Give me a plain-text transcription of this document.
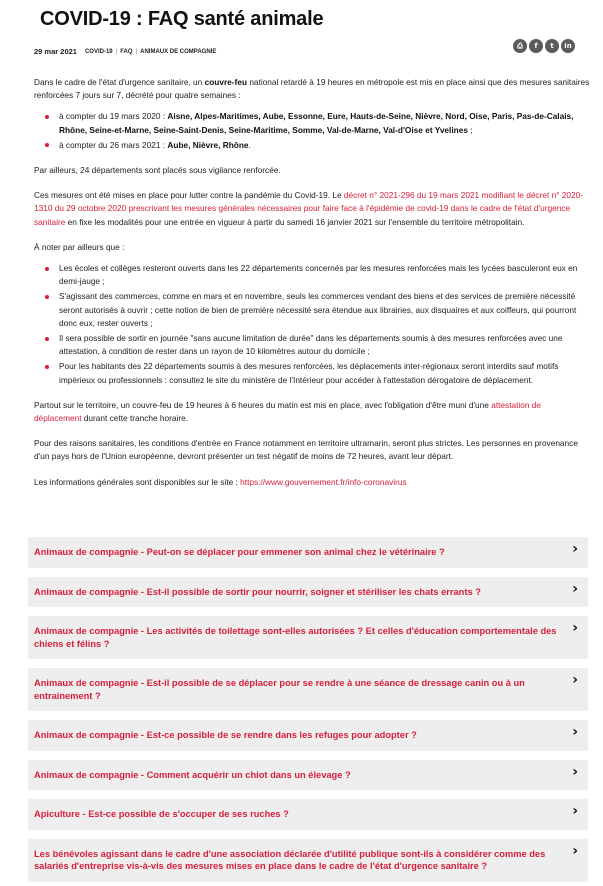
COVID-19 : FAQ santé animale
29 mar 2021 COVID-19 | FAQ | ANIMAUX DE COMPAGNIE
⎙	f	t	in

Dans le cadre de l'état d'urgence sanitaire, un couvre-feu national retardé à 19 heures en métropole est mis en place ainsi que des mesures sanitaires renforcées 7 jours sur 7, décrété pour quatre semaines :

à compter du 19 mars 2020 : Aisne, Alpes-Maritimes, Aube, Essonne, Eure, Hauts-de-Seine, Nièvre, Nord, Oise, Paris, Pas-de-Calais, Rhône, Seine-et-Marne, Seine-Saint-Denis, Seine-Maritime, Somme, Val-de-Marne, Val-d'Oise et Yvelines ;
à compter du 26 mars 2021 : Aube, Nièvre, Rhône.

Par ailleurs, 24 départements sont placés sous vigilance renforcée.

Ces mesures ont été mises en place pour lutter contre la pandémie du Covid-19. Le décret n° 2021-296 du 19 mars 2021 modifiant le décret n° 2020-1310 du 29 octobre 2020 prescrivant les mesures générales nécessaires pour faire face à l'épidémie de covid-19 dans le cadre de l'état d'urgence sanitaire en fixe les modalités pour une entrée en vigueur à partir du samedi 16 janvier 2021 sur l'ensemble du territoire métropolitain.

À noter par ailleurs que :

Les écoles et collèges resteront ouverts dans les 22 départements concernés par les mesures renforcées mais les lycées basculeront eux en demi-jauge ;
S'agissant des commerces, comme en mars et en novembre, seuls les commerces vendant des biens et des services de première nécessité seront autorisés à ouvrir ; cette notion de bien de première nécessité sera étendue aux librairies, aux disquaires et aux coiffeurs, qui pourront donc eux, rester ouverts ;
Il sera possible de sortir en journée "sans aucune limitation de durée" dans les départements soumis à des mesures renforcées avec une attestation, à condition de rester dans un rayon de 10 kilomètres autour du domicile ;
Pour les habitants des 22 départements soumis à des mesures renforcées, les déplacements inter-régionaux seront interdits sauf motifs impérieux ou professionnels : consultez le site du ministère de l'Intérieur pour accéder à l'attestation dérogatoire de déplacement.

Partout sur le territoire, un couvre-feu de 19 heures à 6 heures du matin est mis en place, avec l'obligation d'être muni d'une attestation de déplacement durant cette tranche horaire.

Pour des raisons sanitaires, les conditions d'entrée en France notamment en territoire ultramarin, seront plus strictes. Les personnes en provenance d'un pays hors de l'Union européenne, devront présenter un test négatif de moins de 72 heures, avant leur départ.

Les informations générales sont disponibles sur le site : https://www.gouvernement.fr/info-coronavirus

Animaux de compagnie - Peut-on se déplacer pour emmener son animal chez le vétérinaire ?	›
Animaux de compagnie - Est-il possible de sortir pour nourrir, soigner et stériliser les chats errants ?	›
Animaux de compagnie - Les activités de toilettage sont-elles autorisées ? Et celles d'éducation comportementale des chiens et félins ?
›
Animaux de compagnie - Est-il possible de se déplacer pour se rendre à une séance de dressage canin ou à un entrainement ?
›
Animaux de compagnie - Est-ce possible de se rendre dans les refuges pour adopter ?	›
Animaux de compagnie - Comment acquérir un chiot dans un élevage ?	›
Apiculture - Est-ce possible de s'occuper de ses ruches ?	›
Les bénévoles agissant dans le cadre d'une association déclarée d'utilité publique sont-ils à considérer comme des salariés d'entreprise vis-à-vis des mesures mises en place dans le cadre de l'état d'urgence sanitaire ?
›
